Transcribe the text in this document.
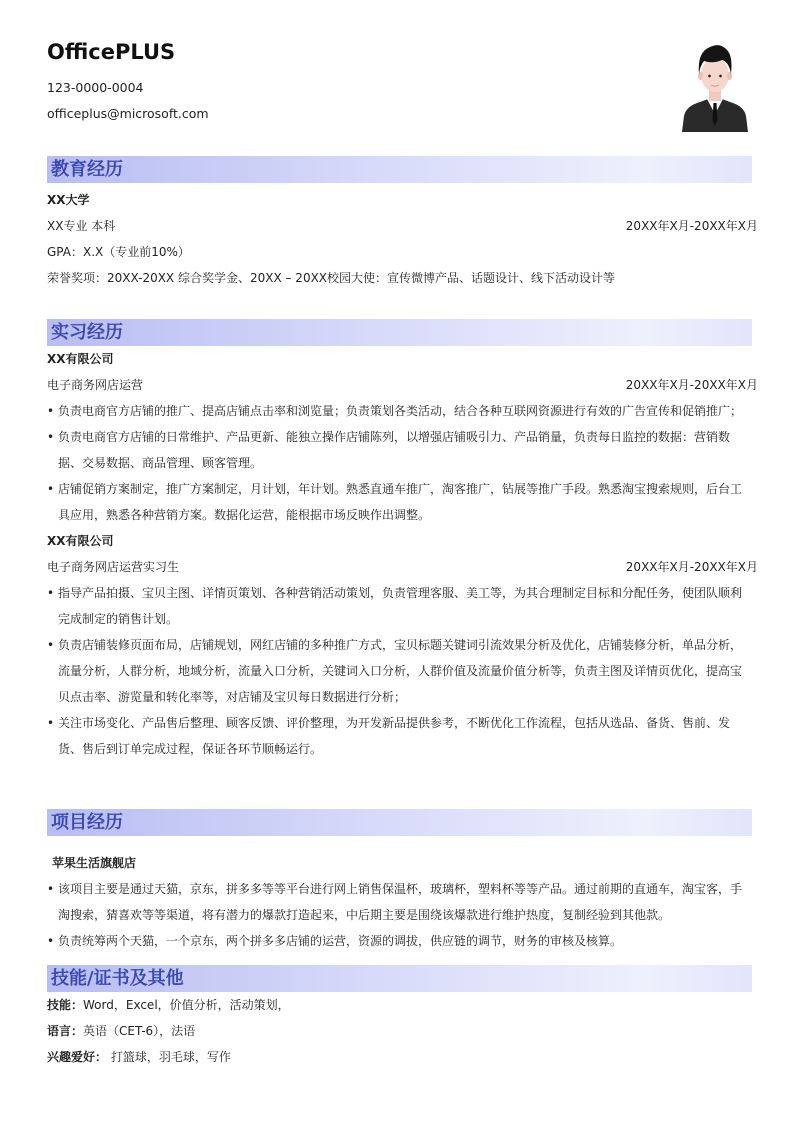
OfficePLUS
123-0000-0004
officeplus@microsoft.com
教育经历
XX大学
XX专业 本科	20XX年X月-20XX年X月
GPA：X.X（专业前10%）
荣誉奖项：20XX-20XX 综合奖学金、20XX – 20XX校园大使：宣传微博产品、话题设计、线下活动设计等
实习经历
XX有限公司
电子商务网店运营	20XX年X月-20XX年X月
• 负责电商官方店铺的推广、提高店铺点击率和浏览量；负责策划各类活动，结合各种互联网资源进行有效的广告宣传和促销推广；
• 负责电商官方店铺的日常维护、产品更新、能独立操作店铺陈列，以增强店铺吸引力、产品销量，负责每日监控的数据：营销数据、交易数据、商品管理、顾客管理。
• 店铺促销方案制定，推广方案制定，月计划，年计划。熟悉直通车推广，淘客推广，钻展等推广手段。熟悉淘宝搜索规则，后台工具应用，熟悉各种营销方案。数据化运营，能根据市场反映作出调整。
XX有限公司
电子商务网店运营实习生	20XX年X月-20XX年X月
• 指导产品拍摄、宝贝主图、详情页策划、各种营销活动策划，负责管理客服、美工等，为其合理制定目标和分配任务，使团队顺利完成制定的销售计划。
• 负责店铺装修页面布局，店铺规划，网红店铺的多种推广方式，宝贝标题关键词引流效果分析及优化，店铺装修分析，单品分析，流量分析，人群分析，地域分析，流量入口分析，关键词入口分析，人群价值及流量价值分析等，负责主图及详情页优化，提高宝贝点击率、游览量和转化率等，对店铺及宝贝每日数据进行分析；
• 关注市场变化、产品售后整理、顾客反馈、评价整理，为开发新品提供参考，不断优化工作流程，包括从选品、备货、售前、发货、售后到订单完成过程，保证各环节顺畅运行。
项目经历
苹果生活旗舰店
• 该项目主要是通过天猫，京东，拼多多等等平台进行网上销售保温杯，玻璃杯，塑料杯等等产品。通过前期的直通车，淘宝客，手淘搜索，猜喜欢等等渠道，将有潜力的爆款打造起来，中后期主要是围绕该爆款进行维护热度，复制经验到其他款。
• 负责统筹两个天猫，一个京东，两个拼多多店铺的运营，资源的调拔，供应链的调节，财务的审核及核算。
技能/证书及其他
技能：Word，Excel，价值分析，活动策划，
语言：英语（CET-6），法语
兴趣爱好： 打篮球，羽毛球，写作
